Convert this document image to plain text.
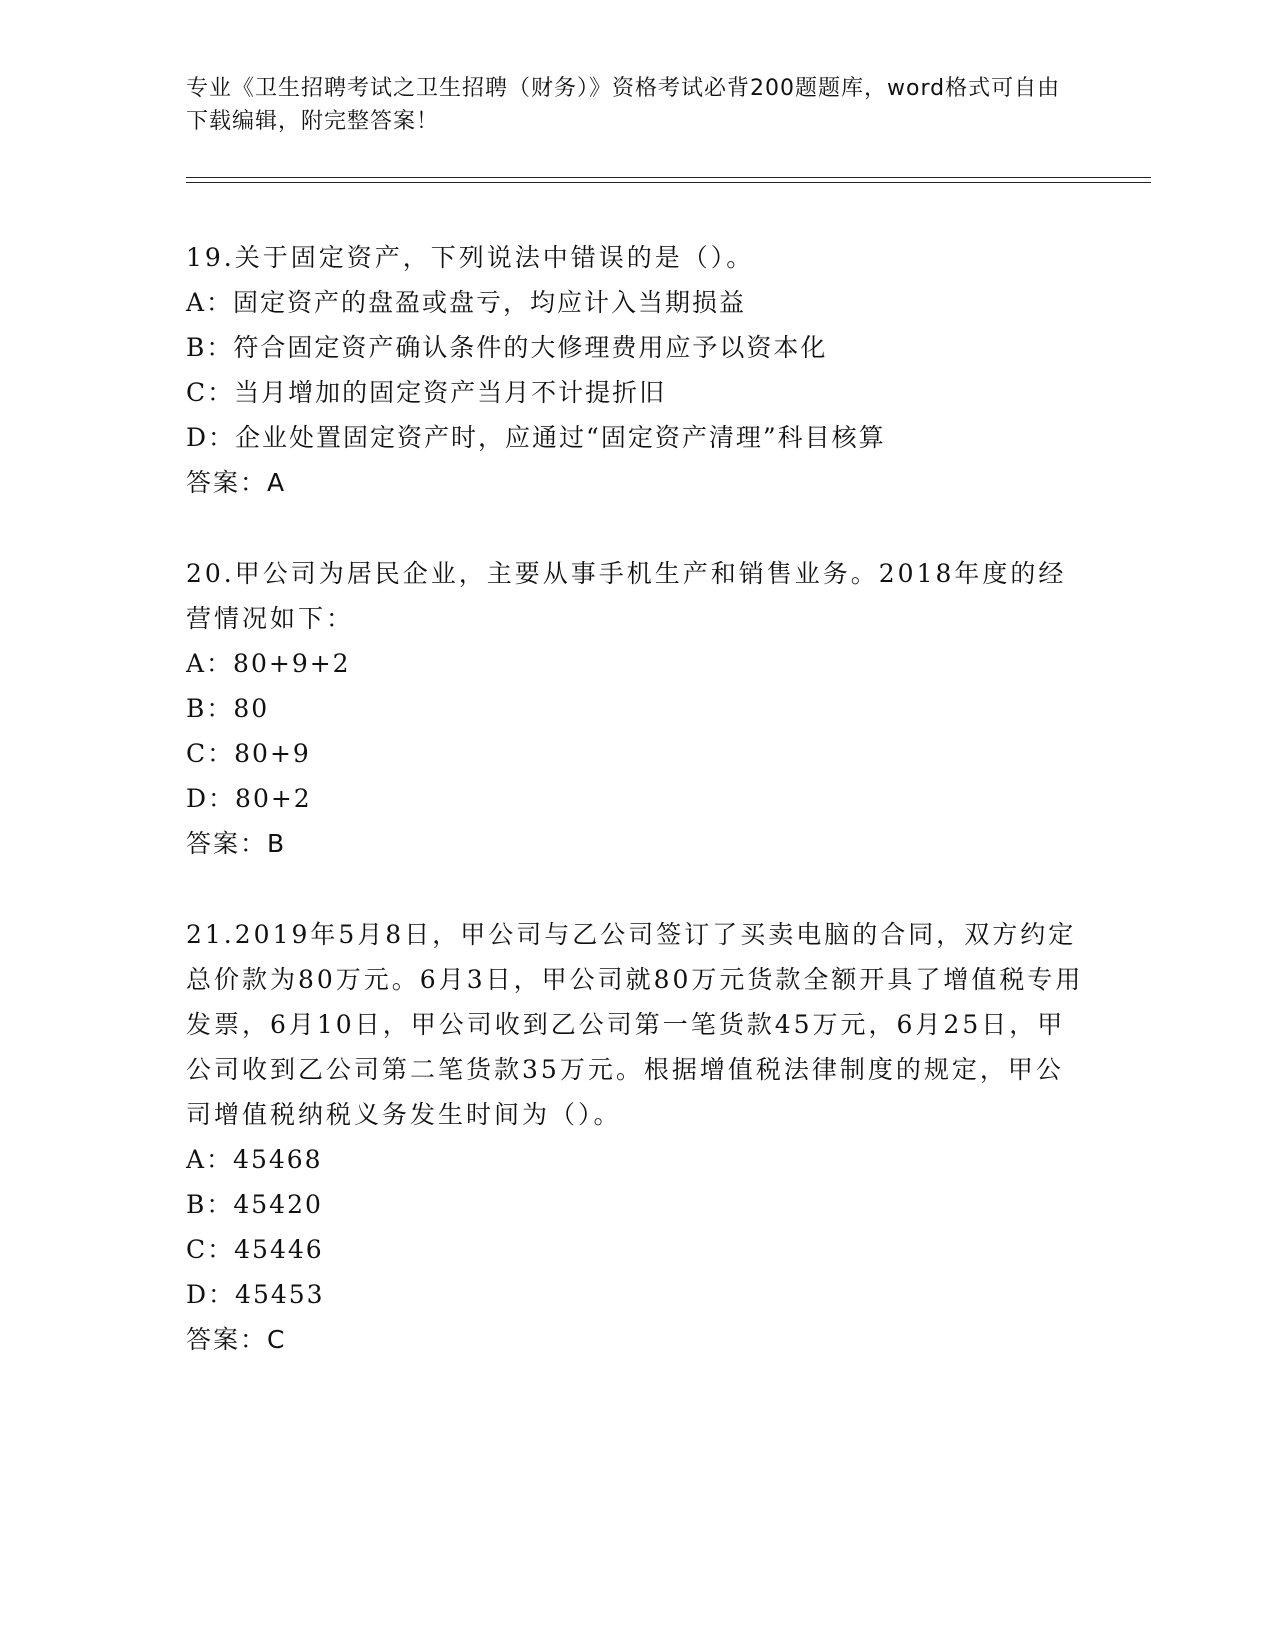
专业《卫生招聘考试之卫生招聘（财务）》资格考试必背200题题库，word格式可自由下载编辑，附完整答案！

19.关于固定资产，下列说法中错误的是（）。

A：固定资产的盘盈或盘亏，均应计入当期损益

B：符合固定资产确认条件的大修理费用应予以资本化

C：当月增加的固定资产当月不计提折旧

D：企业处置固定资产时，应通过“固定资产清理”科目核算

答案：A

20.甲公司为居民企业，主要从事手机生产和销售业务。2018年度的经营情况如下：

A：80+9+2

B：80

C：80+9

D：80+2

答案：B

21.2019年5月8日，甲公司与乙公司签订了买卖电脑的合同，双方约定总价款为80万元。6月3日，甲公司就80万元货款全额开具了增值税专用发票，6月10日，甲公司收到乙公司第一笔货款45万元，6月25日，甲公司收到乙公司第二笔货款35万元。根据增值税法律制度的规定，甲公司增值税纳税义务发生时间为（）。

A：45468

B：45420

C：45446

D：45453

答案：C
